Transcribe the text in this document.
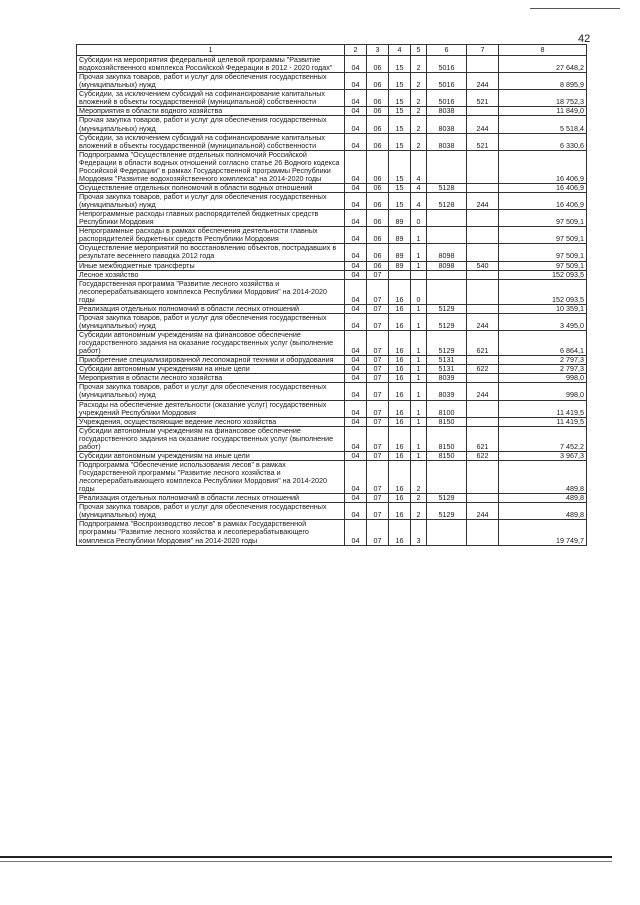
42
1	2	3	4	5	6	7	8
Субсидии на мероприятия федеральной целевой программы "Развитие водохозяйственного комплекса Российской Федерации в 2012 - 2020 годах"	04	06	15	2	5016		27 648,2
Прочая закупка товаров, работ и услуг для обеспечения государственных (муниципальных) нужд	04	06	15	2	5016	244	8 895,9
Субсидии, за исключением субсидий на софинансирование капитальных вложений в объекты государственной (муниципальной) собственности	04	06	15	2	5016	521	18 752,3
Мероприятия в области водного хозяйства	04	06	15	2	8038		11 849,0
Прочая закупка товаров, работ и услуг для обеспечения государственных (муниципальных) нужд	04	06	15	2	8038	244	5 518,4
Субсидии, за исключением субсидий на софинансирование капитальных вложений в объекты государственной (муниципальной) собственности	04	06	15	2	8038	521	6 330,6
Подпрограмма "Осуществление отдельных полномочий Российской Федерации в области водных отношений согласно статье 26 Водного кодекса Российской Федерации" в рамках Государственной программы Республики Мордовия "Развитие водохозяйственного комплекса" на 2014-2020 годы	04	06	15	4			16 406,9
Осуществление отдельных полномочий в области водных отношений	04	06	15	4	5128		16 406,9
Прочая закупка товаров, работ и услуг для обеспечения государственных (муниципальных) нужд	04	06	15	4	5128	244	16 406,9
Непрограммные расходы главных распорядителей бюджетных средств Республики Мордовия	04	06	89	0			97 509,1
Непрограммные расходы в рамках обеспечения деятельности главных распорядителей бюджетных средств Республики Мордовия	04	06	89	1			97 509,1
Осуществление мероприятий по восстановлению объектов, пострадавших в результате весеннего паводка 2012 года	04	06	89	1	8098		97 509,1
Иные межбюджетные трансферты	04	06	89	1	8098	540	97 509,1
Лесное хозяйство	04	07					152 093,5
Государственная программа "Развитие лесного хозяйства и лесоперерабатывающего комплекса Республики Мордовия" на 2014-2020 годы	04	07	16	0			152 093,5
Реализация отдельных полномочий в области лесных отношений	04	07	16	1	5129		10 359,1
Прочая закупка товаров, работ и услуг для обеспечения государственных (муниципальных) нужд	04	07	16	1	5129	244	3 495,0
Субсидии автономным учреждениям на финансовое обеспечение государственного задания на оказание государственных услуг (выполнение работ)	04	07	16	1	5129	621	6 864,1
Приобретение специализированной лесопожарной техники и оборудования	04	07	16	1	5131		2 797,3
Субсидии автономным учреждениям на иные цели	04	07	16	1	5131	622	2 797,3
Мероприятия в области лесного хозяйства	04	07	16	1	8039		998,0
Прочая закупка товаров, работ и услуг для обеспечения государственных (муниципальных) нужд	04	07	16	1	8039	244	998,0
Расходы на обеспечение деятельности (оказание услуг) государственных учреждений Республики Мордовия	04	07	16	1	8100		11 419,5
Учреждения, осуществляющие ведение лесного хозяйства	04	07	16	1	8150		11 419,5
Субсидии автономным учреждениям на финансовое обеспечение государственного задания на оказание государственных услуг (выполнение работ)	04	07	16	1	8150	621	7 452,2
Субсидии автономным учреждениям на иные цели	04	07	16	1	8150	622	3 967,3
Подпрограмма "Обеспечение использования лесов" в рамках Государственной программы "Развитие лесного хозяйства и лесоперерабатывающего комплекса Республики Мордовия" на 2014-2020 годы	04	07	16	2			489,8
Реализация отдельных полномочий в области лесных отношений	04	07	16	2	5129		489,8
Прочая закупка товаров, работ и услуг для обеспечения государственных (муниципальных) нужд	04	07	16	2	5129	244	489,8
Подпрограмма "Воспроизводство лесов" в рамках Государственной программы "Развитие лесного хозяйства и лесоперерабатывающего комплекса Республики Мордовия" на 2014-2020 годы	04	07	16	3			19 749,7
